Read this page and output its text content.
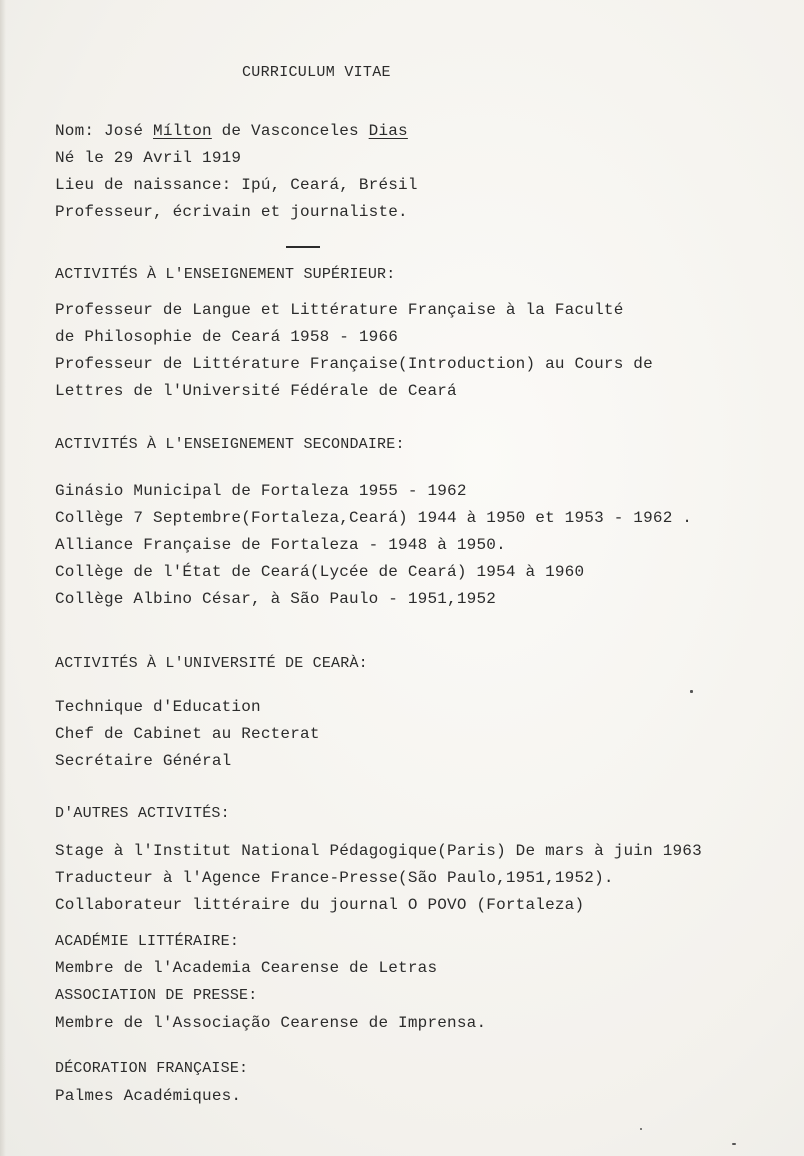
CURRICULUM VITAE
Nom: José Mílton de Vasconceles Dias
Né le 29 Avril 1919
Lieu de naissance: Ipú, Ceará, Brésil
Professeur, écrivain et journaliste.
ACTIVITÉS À L'ENSEIGNEMENT SUPÉRIEUR:
Professeur de Langue et Littérature Française à la Faculté
de Philosophie de Ceará 1958 - 1966
Professeur de Littérature Française(Introduction) au Cours de
Lettres de l'Université Fédérale de Ceará
ACTIVITÉS À L'ENSEIGNEMENT SECONDAIRE:
Ginásio Municipal de Fortaleza 1955 - 1962
Collège 7 Septembre(Fortaleza,Ceará) 1944 à 1950 et 1953 - 1962 .
Alliance Française de Fortaleza - 1948 à 1950.
Collège de l'État de Ceará(Lycée de Ceará) 1954 à 1960
Collège Albino César, à São Paulo - 1951,1952
ACTIVITÉS À L'UNIVERSITÉ DE CEARÀ:
Technique d'Education
Chef de Cabinet au Recterat
Secrétaire Général
D'AUTRES ACTIVITÉS:
Stage à l'Institut National Pédagogique(Paris) De mars à juin 1963
Traducteur à l'Agence France-Presse(São Paulo,1951,1952).
Collaborateur littéraire du journal O POVO (Fortaleza)
ACADÉMIE LITTÉRAIRE:
Membre de l'Academia Cearense de Letras
ASSOCIATION DE PRESSE:
Membre de l'Associação Cearense de Imprensa.
DÉCORATION FRANÇAISE:
Palmes Académiques.
